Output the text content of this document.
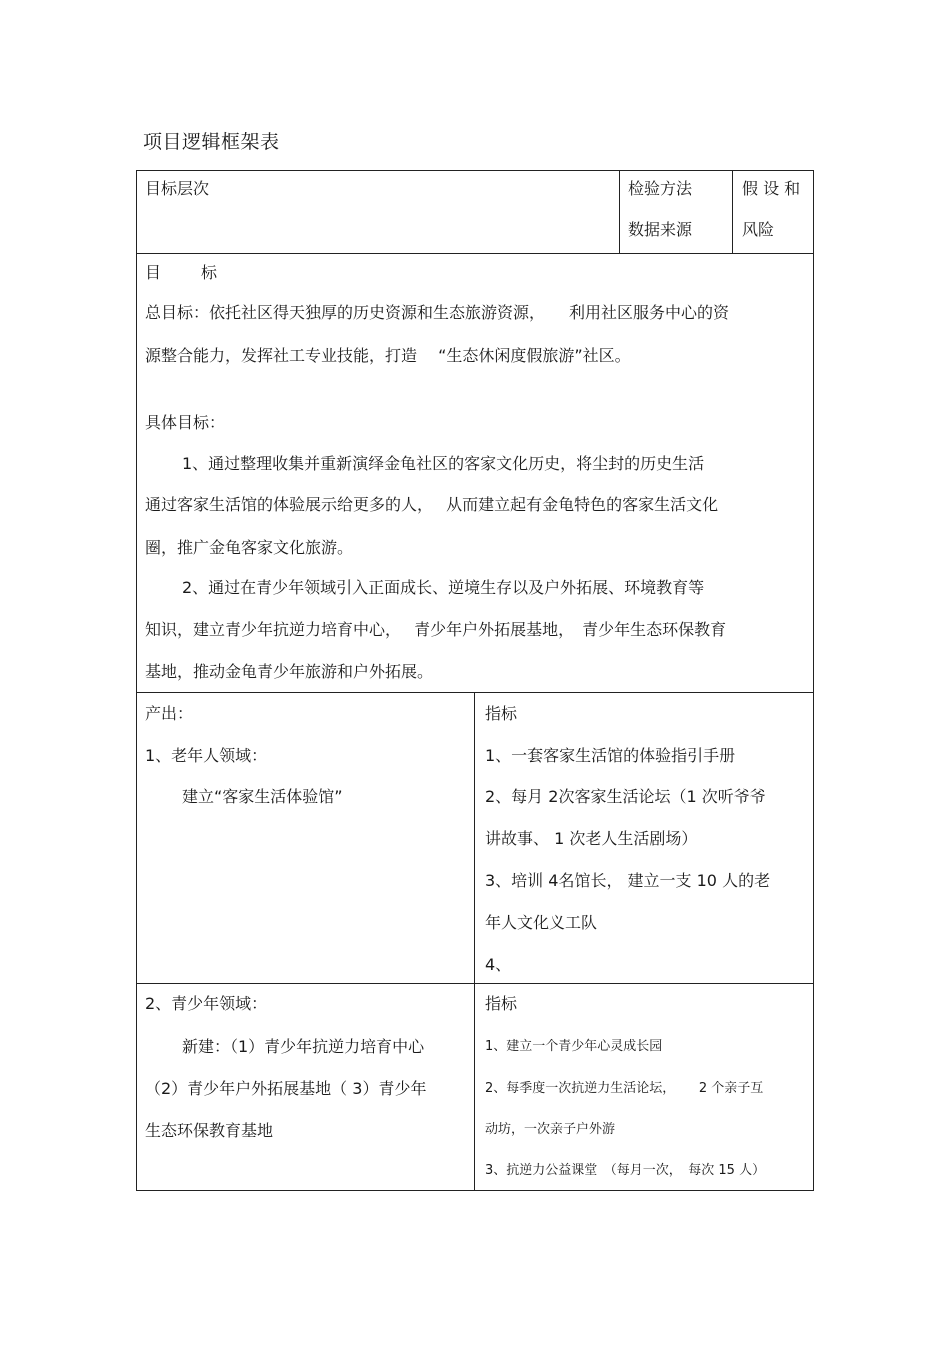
项目逻辑框架表
目标层次	检验方法
数据来源
假 设 和
风险
目 标
总目标：依托社区得天独厚的历史资源和生态旅游资源，　　利用社区服务中心的资
源整合能力，发挥社工专业技能，打造　 “生态休闲度假旅游”社区。
具体目标：
1、通过整理收集并重新演绎金龟社区的客家文化历史，将尘封的历史生活
通过客家生活馆的体验展示给更多的人，　 从而建立起有金龟特色的客家生活文化
圈，推广金龟客家文化旅游。
2、通过在青少年领域引入正面成长、逆境生存以及户外拓展、环境教育等
知识，建立青少年抗逆力培育中心，　 青少年户外拓展基地，　青少年生态环保教育
基地，推动金龟青少年旅游和户外拓展。
产出：
1、老年人领域：
建立“客家生活体验馆”
指标
1、一套客家生活馆的体验指引手册
2、每月 2次客家生活论坛（1 次听爷爷
讲故事、 1 次老人生活剧场）
3、培训 4名馆长， 建立一支 10 人的老
年人文化义工队
4、
2、青少年领域：
新建：（1）青少年抗逆力培育中心
（2）青少年户外拓展基地（ 3）青少年
生态环保教育基地
指标
1、建立一个青少年心灵成长园
2、每季度一次抗逆力生活论坛，　　 2 个亲子互
动坊，一次亲子户外游
3、抗逆力公益课堂　（每月一次，　每次 15 人）
